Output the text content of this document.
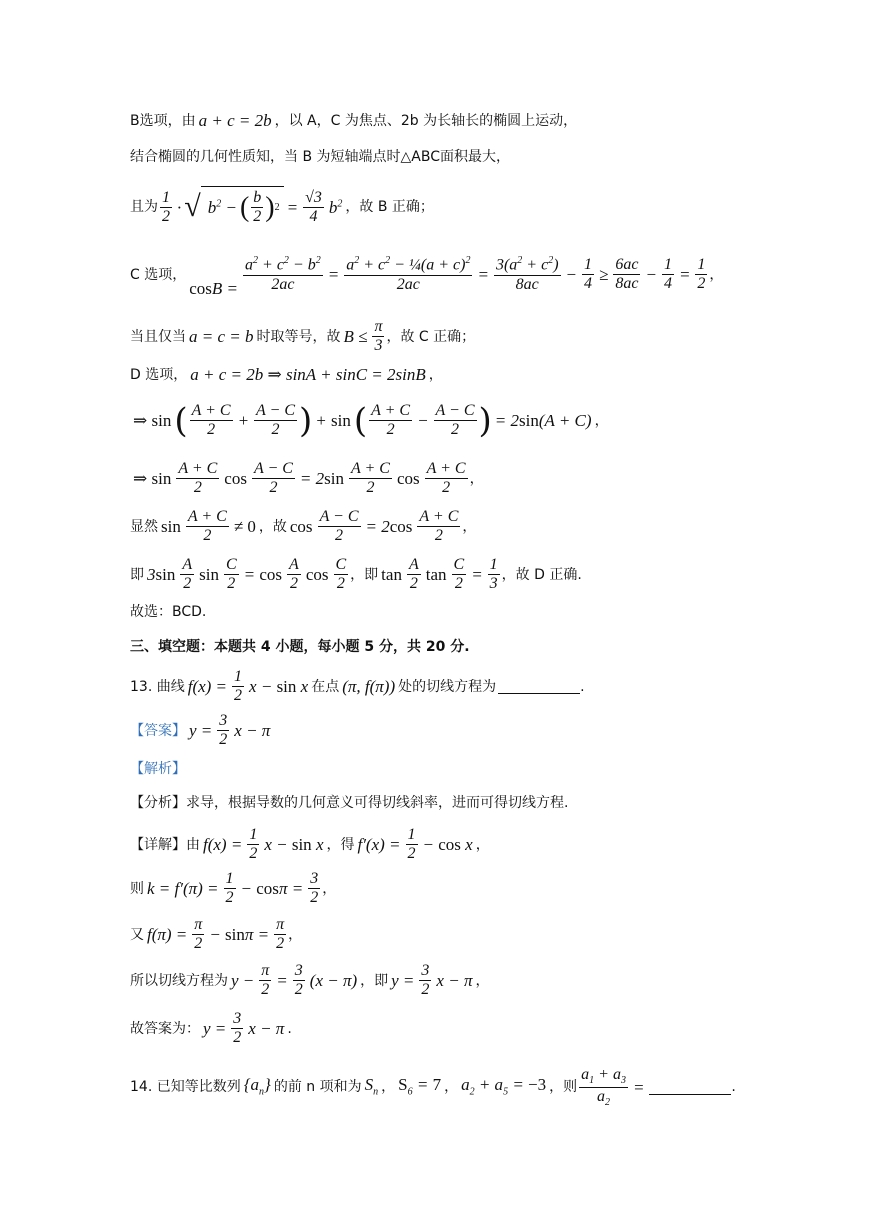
B选项，由 a + c = 2b ，以 A，C 为焦点、2b 为长轴长的椭圆上运动，
结合椭圆的几何性质知，当 B 为短轴端点时△ABC面积最大，
且为 $\frac{1}{2}$ · √ $b^2$ − ( $\frac{b}{2}$ ) $2 = \frac{√3}{4} b^2$ ，故 B 正确；
C 选项，
$\cos B = \frac{a^2 + c^2 - b^2}{2ac} = \frac{a^2 + c^2 - \frac{1}{4}(a + c)^2}{2ac} = \frac{3(a^2 + c^2)}{8ac} - \frac{1}{4} \ge \frac{6ac}{8ac} - \frac{1}{4} = \frac{1}{2}$ ，
当且仅当 a = c = b 时取等号，故 $B \le \frac{\pi}{3}$ ，故 C 正确；
D 选项， a + c = 2b ⇒ sinA + sinC = 2sinB ，
⇒ sin ( $\frac{A + C}{2} + \frac{A - C}{2}$ ) + sin ( $\frac{A + C}{2} - \frac{A - C}{2}$ ) = 2sin(A + C) ，
⇒ $\sin \frac{A + C}{2}$ $\cos \frac{A - C}{2} = 2\sin \frac{A + C}{2}$ $\cos \frac{A + C}{2}$ ，
显然 $\sin \frac{A + C}{2} \ne 0$ ，故 $\cos \frac{A - C}{2} = 2\cos \frac{A + C}{2}$ ，
即 $3\sin \frac{A}{2}$ $\sin \frac{C}{2} = \cos \frac{A}{2}$ $\cos \frac{C}{2}$ ，即 $\tan \frac{A}{2}$ $\tan \frac{C}{2} = \frac{1}{3}$ ，故 D 正确.
故选：BCD.
三、填空题：本题共 4 小题，每小题 5 分，共 20 分.
13. 曲线 $f(x) = \frac{1}{2}$ x − sin x 在点 (π, f(π)) 处的切线方程为	.
【答案】 $y = \frac{3}{2}$ x − π
【解析】
【分析】 求导，根据导数的几何意义可得切线斜率，进而可得切线方程.
【详解】 由 $f(x) = \frac{1}{2}$ x − sin x ，得 $f'(x) = \frac{1}{2} - \cos x$ ，
则 $k = f'(\pi) = \frac{1}{2} - \cos\pi = \frac{3}{2}$ ，
又 $f(\pi) = \frac{\pi}{2} - \sin\pi = \frac{\pi}{2}$ ，
所以切线方程为 $y - \frac{\pi}{2} = \frac{3}{2} (x - \pi)$ ，即 $y = \frac{3}{2}$ x − π ，
故答案为： $y = \frac{3}{2}$ x − π .
14. 已知等比数列 $\{a_n\}$ 的前 n 项和为 $S_n$ ， $S_6 = 7$ ， $a_2 + a_5 = -3$ ，则 $\frac{a_1 + a_3}{a_2}$ =	.
